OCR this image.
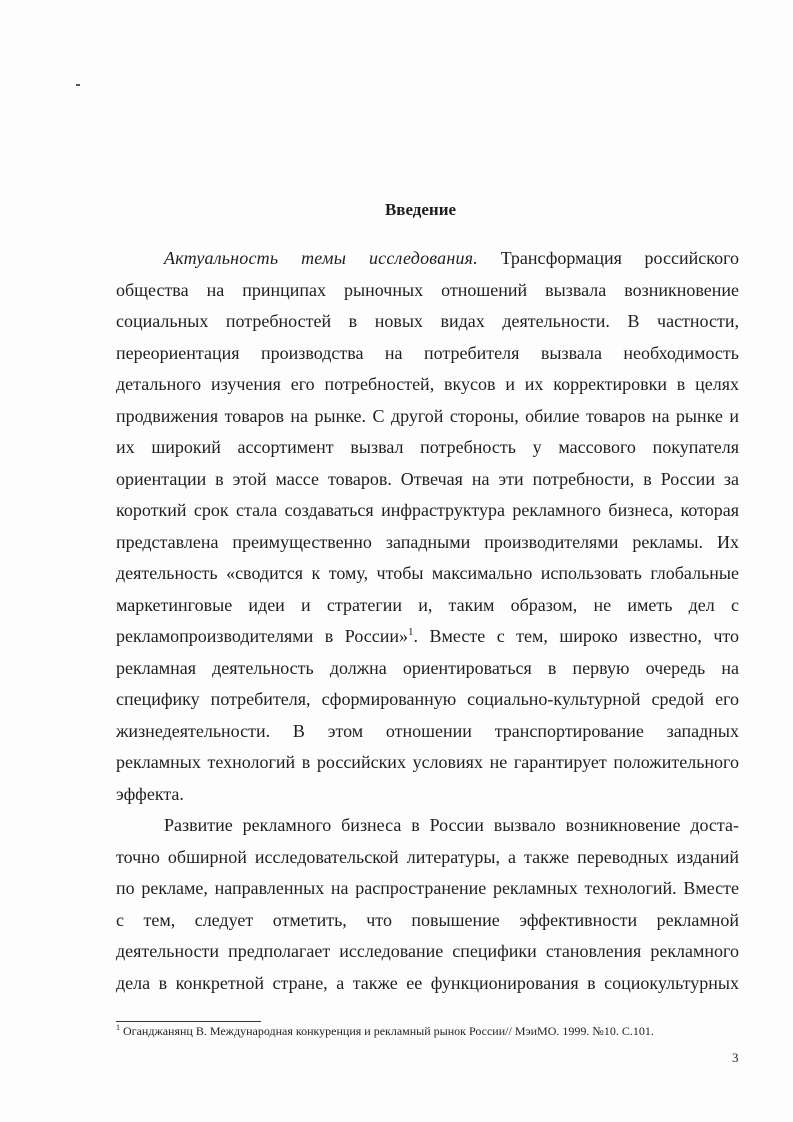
Введение
Актуальность темы исследования. Трансформация российского
общества на принципах рыночных отношений вызвала возникновение
социальных потребностей в новых видах деятельности. В частности,
переориентация производства на потребителя вызвала необходимость
детального изучения его потребностей, вкусов и их корректировки в целях
продвижения товаров на рынке. С другой стороны, обилие товаров на рынке и
их широкий ассортимент вызвал потребность у массового покупателя
ориентации в этой массе товаров. Отвечая на эти потребности, в России за
короткий срок стала создаваться инфраструктура рекламного бизнеса, которая
представлена преимущественно западными производителями рекламы. Их
деятельность «сводится к тому, чтобы максимально использовать глобальные
маркетинговые идеи и стратегии и, таким образом, не иметь дел с
рекламопроизводителями в России»$^1$. Вместе с тем, широко известно, что
рекламная деятельность должна ориентироваться в первую очередь на
специфику потребителя, сформированную социально-культурной средой его
жизнедеятельности. В этом отношении транспортирование западных
рекламных технологий в российских условиях не гарантирует положительного
эффекта.
Развитие рекламного бизнеса в России вызвало возникновение доста-
точно обширной исследовательской литературы, а также переводных изданий
по рекламе, направленных на распространение рекламных технологий. Вместе
с тем, следует отметить, что повышение эффективности рекламной
деятельности предполагает исследование специфики становления рекламного
дела в конкретной стране, а также ее функционирования в социокультурных
$^1$ Оганджанянц В. Международная конкуренция и рекламный рынок России// МэиМО. 1999. №10. С.101.
3
